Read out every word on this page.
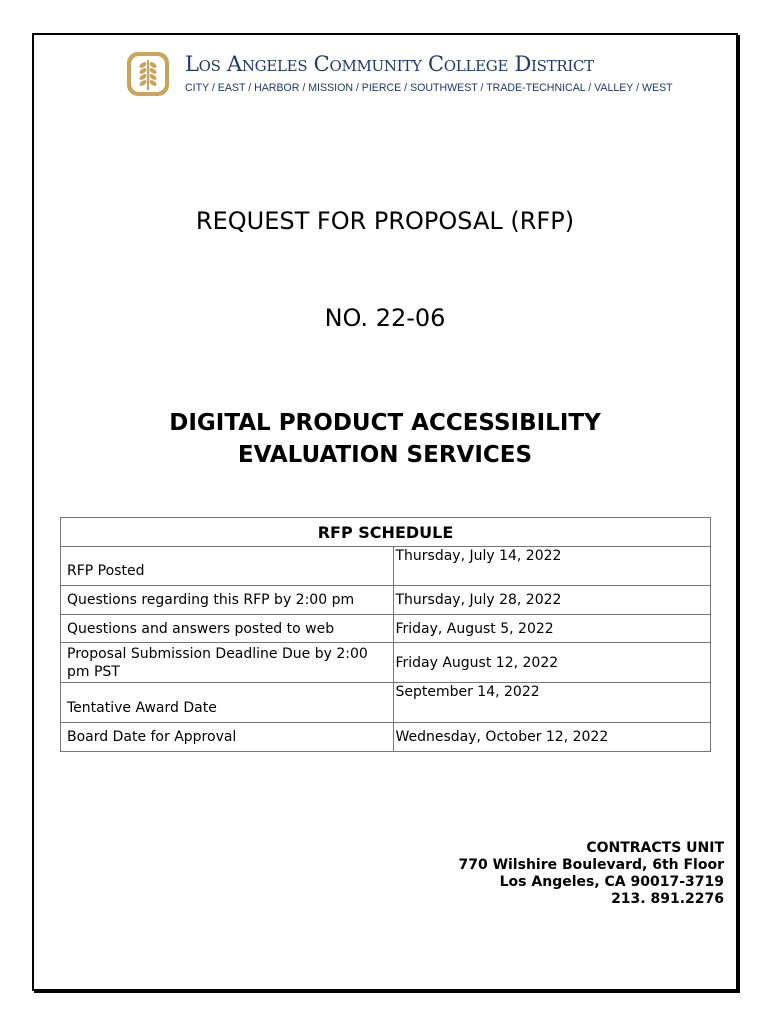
Los Angeles Community College District
CITY / EAST / HARBOR / MISSION / PIERCE / SOUTHWEST / TRADE-TECHNICAL / VALLEY / WEST
REQUEST FOR PROPOSAL (RFP)
NO. 22-06
DIGITAL PRODUCT ACCESSIBILITY
EVALUATION SERVICES
RFP SCHEDULE	
RFP Posted	Thursday, July 14, 2022
Questions regarding this RFP by 2:00 pm	Thursday, July 28, 2022
Questions and answers posted to web	Friday, August 5, 2022
Proposal Submission Deadline Due by 2:00 pm PST	Friday August 12, 2022
Tentative Award Date	September 14, 2022
Board Date for Approval	Wednesday, October 12, 2022
CONTRACTS UNIT
770 Wilshire Boulevard, 6th Floor
Los Angeles, CA 90017-3719
213. 891.2276
